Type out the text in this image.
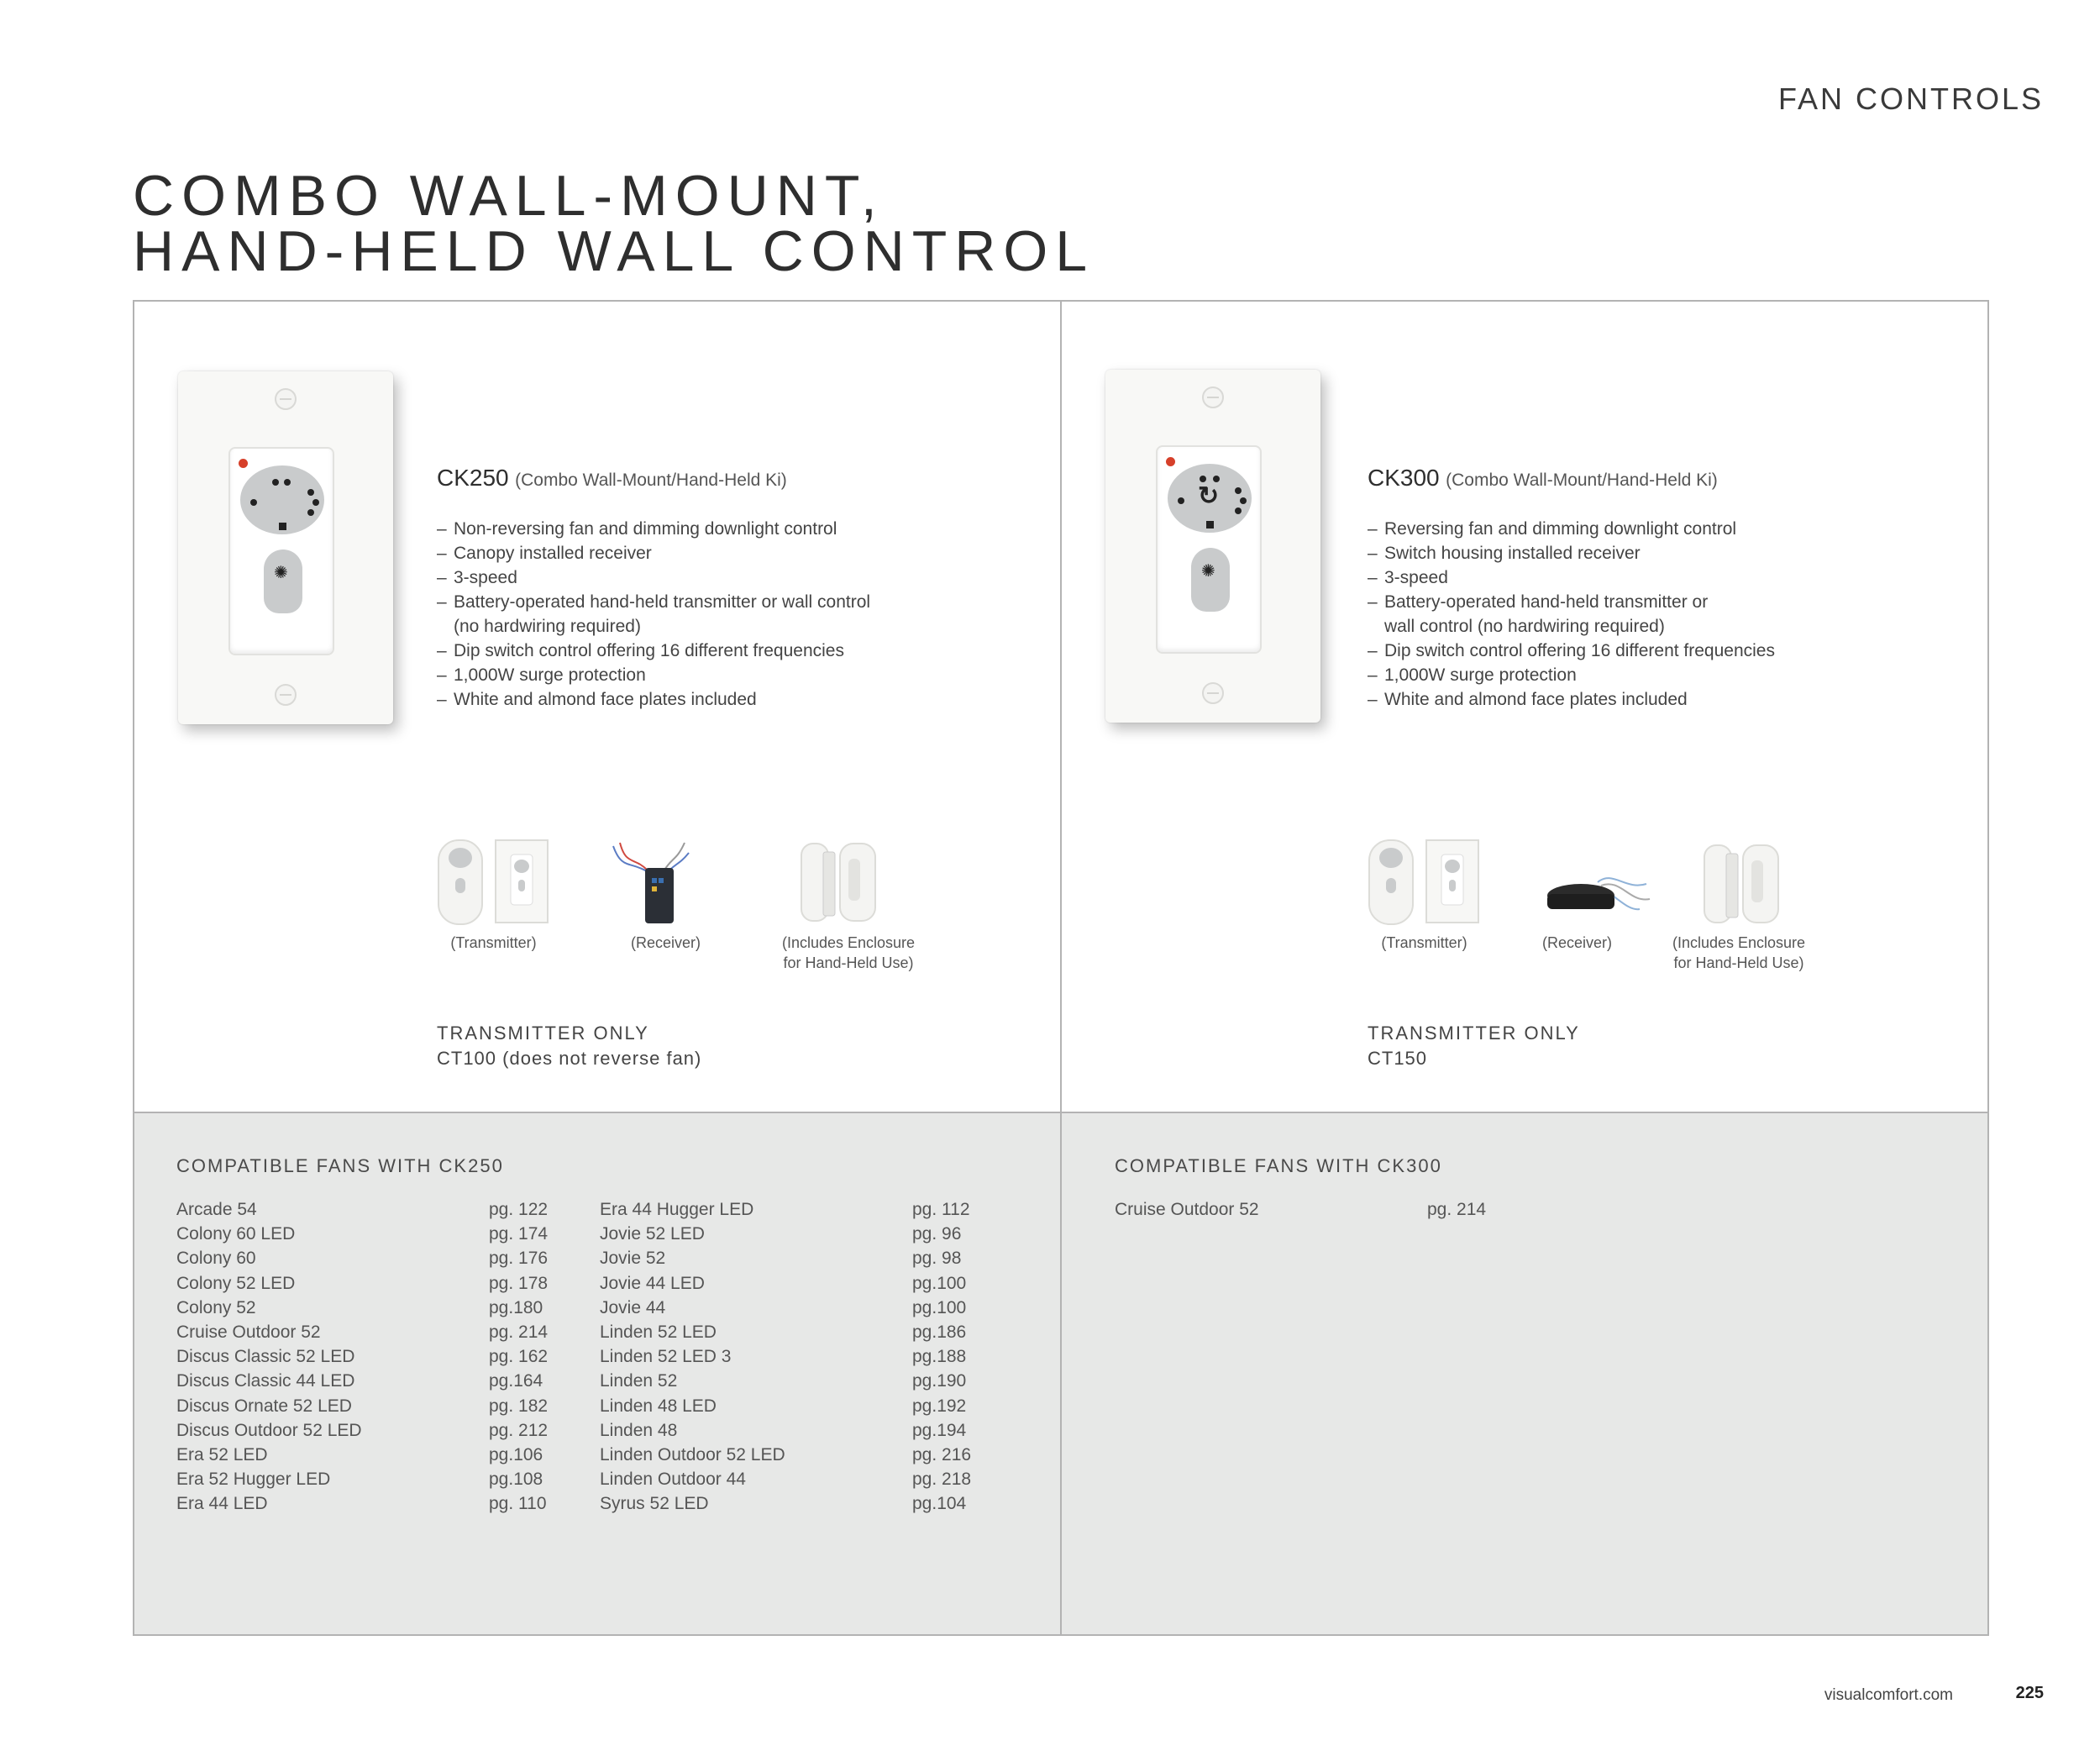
FAN CONTROLS
COMBO WALL-MOUNT,
HAND-HELD WALL CONTROL
✺
CK250 (Combo Wall-Mount/Hand-Held Ki)
– Non-reversing fan and dimming downlight control
– Canopy installed receiver
– 3-speed
– Battery-operated hand-held transmitter or wall control
(no hardwiring required)
– Dip switch control offering 16 different frequencies
– 1,000W surge protection
– White and almond face plates included
(Transmitter)	(Receiver)	(Includes Enclosure
for Hand-Held Use)
TRANSMITTER ONLY
CT100 (does not reverse fan)
↻
✺
CK300 (Combo Wall-Mount/Hand-Held Ki)
– Reversing fan and dimming downlight control
– Switch housing installed receiver
– 3-speed
– Battery-operated hand-held transmitter or
wall control (no hardwiring required)
– Dip switch control offering 16 different frequencies
– 1,000W surge protection
– White and almond face plates included
(Transmitter)	(Receiver)	(Includes Enclosure
for Hand-Held Use)
TRANSMITTER ONLY
CT150
COMPATIBLE FANS WITH CK250	COMPATIBLE FANS WITH CK300
Arcade 54	pg. 122
Colony 60 LED	pg. 174
Colony 60	pg. 176
Colony 52 LED	pg. 178
Colony 52	pg.180
Cruise Outdoor 52	pg. 214
Discus Classic 52 LED	pg. 162
Discus Classic 44 LED	pg.164
Discus Ornate 52 LED	pg. 182
Discus Outdoor 52 LED	pg. 212
Era 52 LED	pg.106
Era 52 Hugger LED	pg.108
Era 44 LED	pg. 110
Era 44 Hugger LED	pg. 112
Jovie 52 LED	pg. 96
Jovie 52	pg. 98
Jovie 44 LED	pg.100
Jovie 44	pg.100
Linden 52 LED	pg.186
Linden 52 LED 3	pg.188
Linden 52	pg.190
Linden 48 LED	pg.192
Linden 48	pg.194
Linden Outdoor 52 LED	pg. 216
Linden Outdoor 44	pg. 218
Syrus 52 LED	pg.104
Cruise Outdoor 52	pg. 214
visualcomfort.com	225
